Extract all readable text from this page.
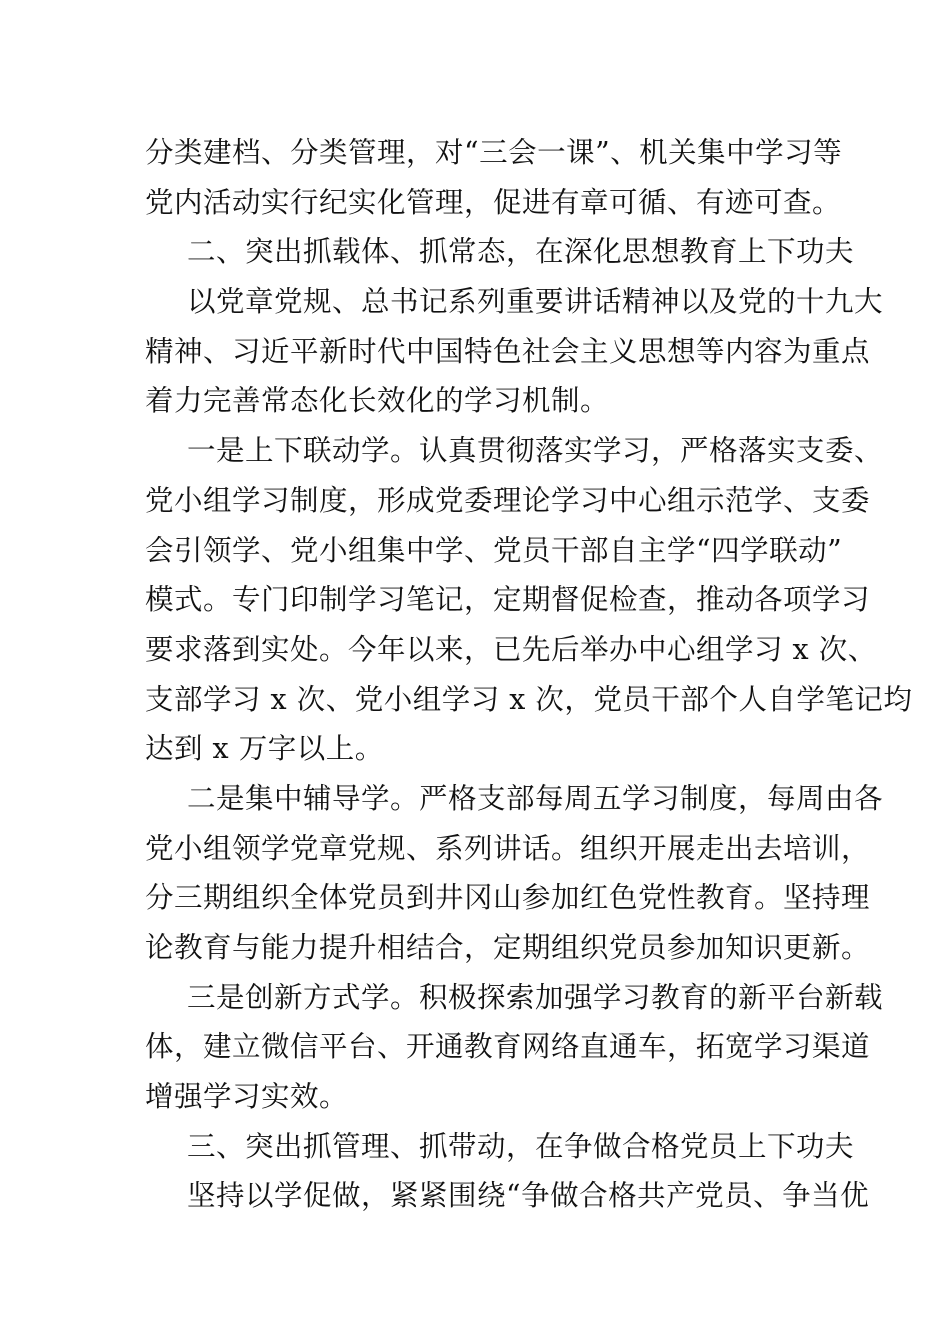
分类建档、分类管理，对“三会一课”、机关集中学习等
党内活动实行纪实化管理，促进有章可循、有迹可查。
二、突出抓载体、抓常态，在深化思想教育上下功夫
以党章党规、总书记系列重要讲话精神以及党的十九大
精神、习近平新时代中国特色社会主义思想等内容为重点
着力完善常态化长效化的学习机制。
一是上下联动学。认真贯彻落实学习，严格落实支委、
党小组学习制度，形成党委理论学习中心组示范学、支委
会引领学、党小组集中学、党员干部自主学“四学联动”
模式。专门印制学习笔记，定期督促检查，推动各项学习
要求落到实处。今年以来，已先后举办中心组学习 x 次、
支部学习 x 次、党小组学习 x 次，党员干部个人自学笔记均
达到 x 万字以上。
二是集中辅导学。严格支部每周五学习制度，每周由各
党小组领学党章党规、系列讲话。组织开展走出去培训，
分三期组织全体党员到井冈山参加红色党性教育。坚持理
论教育与能力提升相结合，定期组织党员参加知识更新。
三是创新方式学。积极探索加强学习教育的新平台新载
体，建立微信平台、开通教育网络直通车，拓宽学习渠道
增强学习实效。
三、突出抓管理、抓带动，在争做合格党员上下功夫
坚持以学促做，紧紧围绕“争做合格共产党员、争当优
